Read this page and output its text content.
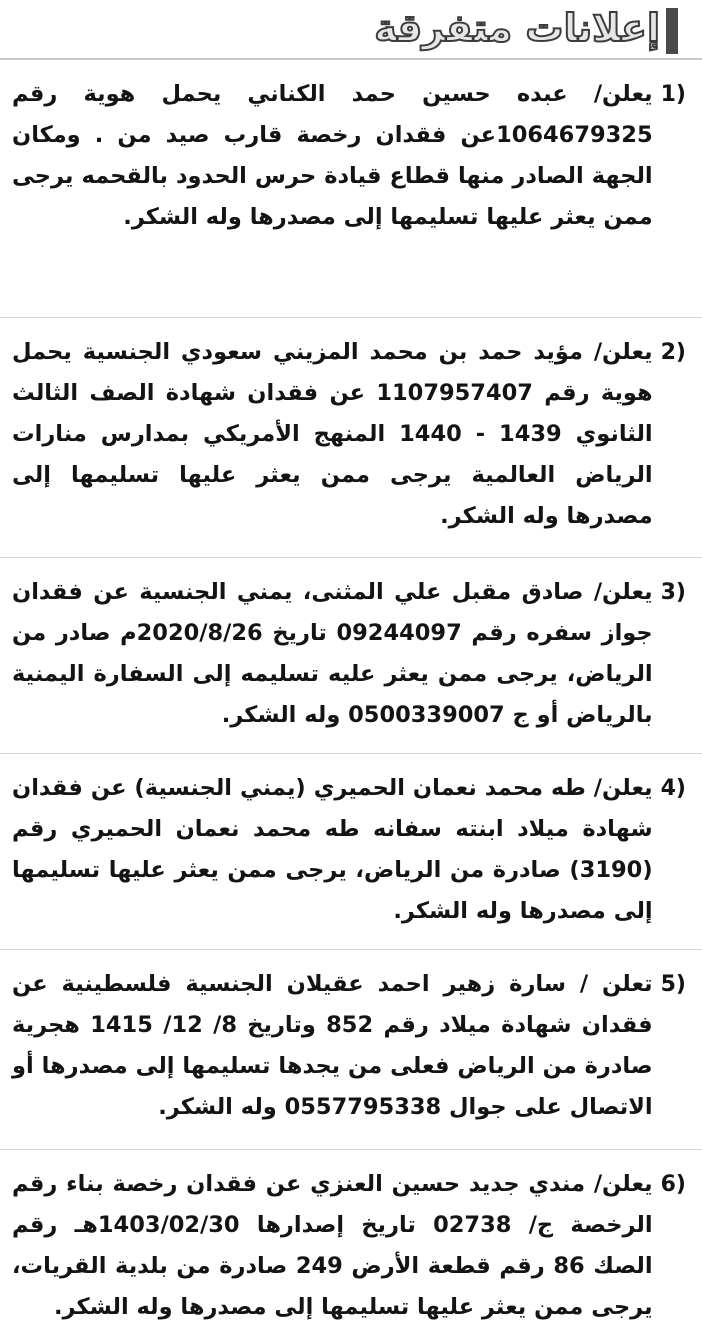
إعلانات متفرقة
1)
يعلن/ عبده حسين حمد الكناني يحمل هوية رقم 1064679325عن فقدان رخصة قارب صيد من . ومكان الجهة الصادر منها قطاع قيادة حرس الحدود بالقحمه يرجى ممن يعثر عليها تسليمها إلى مصدرها وله الشكر.
2)
يعلن/ مؤيد حمد بن محمد المزيني سعودي الجنسية يحمل هوية رقم 1107957407 عن فقدان شهادة الصف الثالث الثانوي 1439 - 1440 المنهج الأمريكي بمدارس منارات الرياض العالمية يرجى ممن يعثر عليها تسليمها إلى مصدرها وله الشكر.
3)
يعلن/ صادق مقبل علي المثنى، يمني الجنسية عن فقدان جواز سفره رقم 09244097 تاريخ 2020/8/26م صادر من الرياض، يرجى ممن يعثر عليه تسليمه إلى السفارة اليمنية بالرياض أو ج 0500339007 وله الشكر.
4)
يعلن/ طه محمد نعمان الحميري (يمني الجنسية) عن فقدان شهادة ميلاد ابنته سفانه طه محمد نعمان الحميري رقم (3190) صادرة من الرياض، يرجى ممن يعثر عليها تسليمها إلى مصدرها وله الشكر.
5)
تعلن / سارة زهير احمد عقيلان الجنسية فلسطينية عن فقدان شهادة ميلاد رقم 852 وتاريخ 8/ 12/ 1415 هجرية صادرة من الرياض فعلى من يجدها تسليمها إلى مصدرها أو الاتصال على جوال 0557795338 وله الشكر.
6)
يعلن/ مندي جديد حسين العنزي عن فقدان رخصة بناء رقم الرخصة ج/ 02738 تاريخ إصدارها 1403/02/30هـ رقم الصك 86 رقم قطعة الأرض 249 صادرة من بلدية القريات، يرجى ممن يعثر عليها تسليمها إلى مصدرها وله الشكر.
